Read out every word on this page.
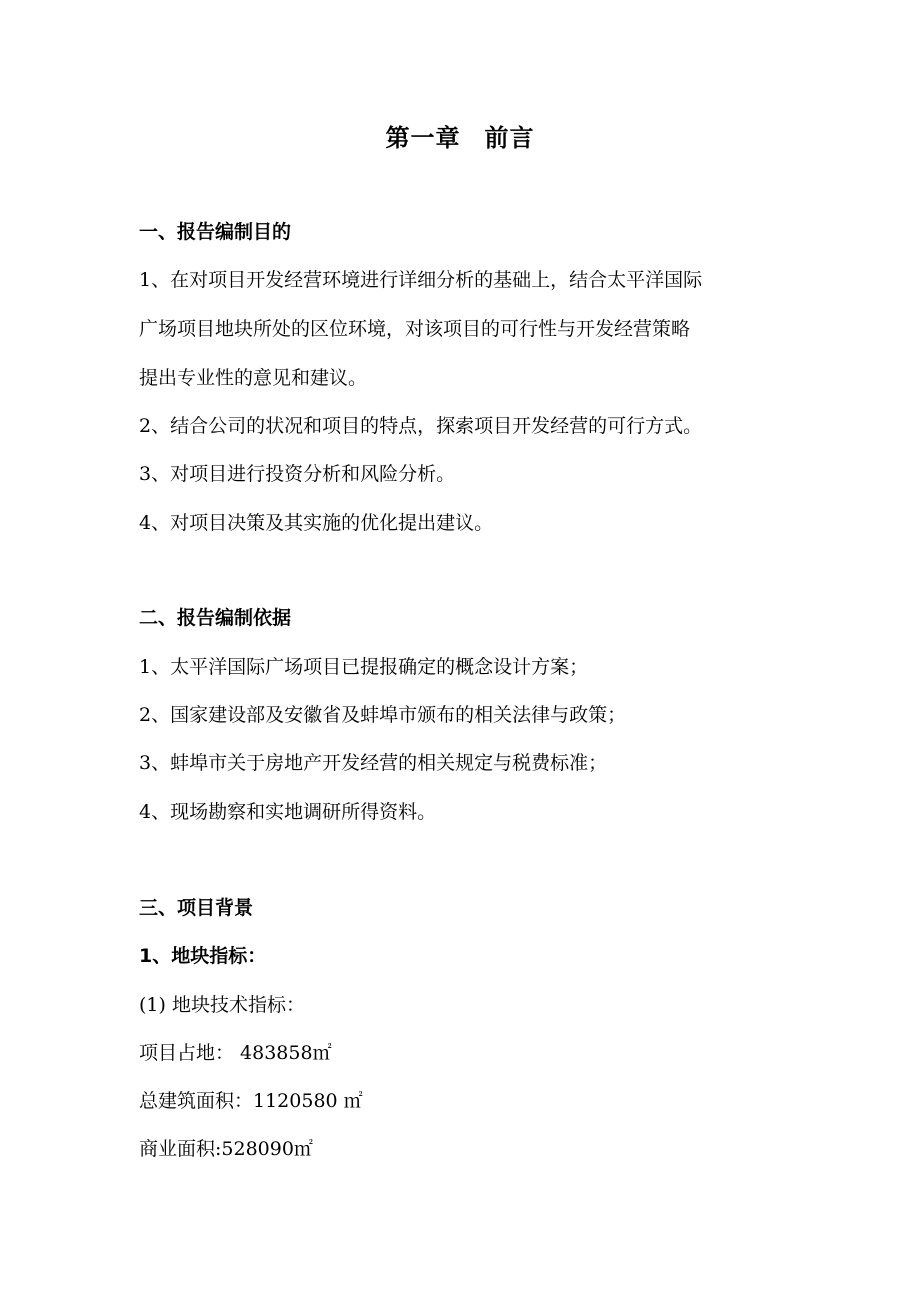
第一章 前言
一、报告编制目的
1、在对项目开发经营环境进行详细分析的基础上，结合太平洋国际
广场项目地块所处的区位环境，对该项目的可行性与开发经营策略
提出专业性的意见和建议。
2、结合公司的状况和项目的特点，探索项目开发经营的可行方式。
3、对项目进行投资分析和风险分析。
4、对项目决策及其实施的优化提出建议。
二、报告编制依据
1、太平洋国际广场项目已提报确定的概念设计方案；
2、国家建设部及安徽省及蚌埠市颁布的相关法律与政策；
3、蚌埠市关于房地产开发经营的相关规定与税费标准；
4、现场勘察和实地调研所得资料。
三、项目背景
1、地块指标：
(1) 地块技术指标：
项目占地： 483858㎡
总建筑面积：1120580 ㎡
商业面积:528090㎡
